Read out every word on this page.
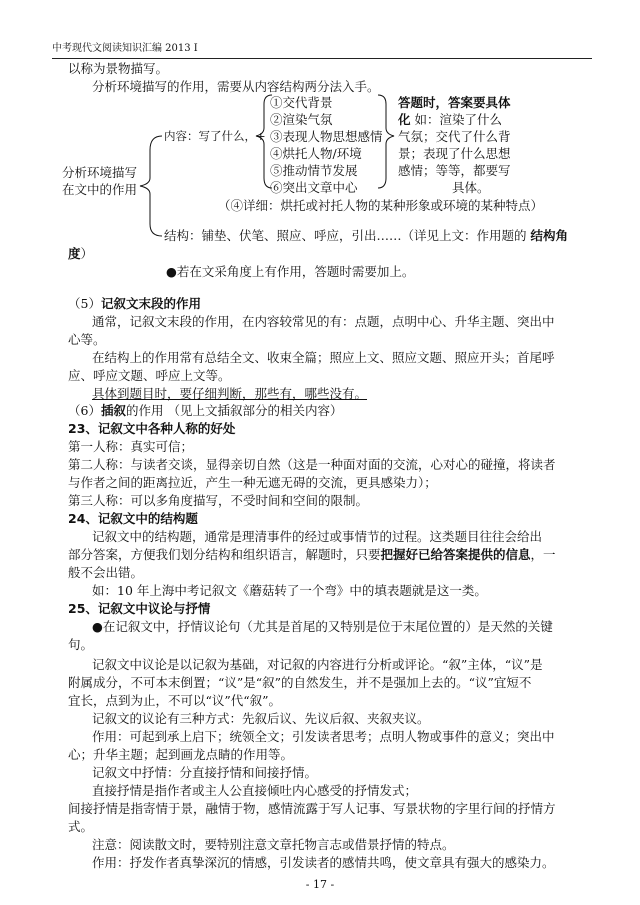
中考现代文阅读知识汇编 2013 Ⅰ
以称为景物描写。
分析环境描写的作用，需要从内容结构两分法入手。
分析环境描写
在文中的作用
内容：写了什么，+
①交代背景
②渲染气氛
③表现人物思想感情
④烘托人物/环境
⑤推动情节发展
⑥突出文章中心
答题时，答案要具体
化 如：渲染了什么
气氛；交代了什么背
景；表现了什么思想
感情；等等，都要写
具体。
（④详细：烘托或衬托人物的某种形象或环境的某种特点）
结构：铺垫、伏笔、照应、呼应，引出……（详见上文：作用题的 结构角
度）
●若在文采角度上有作用，答题时需要加上。
（5）记叙文末段的作用
通常，记叙文末段的作用，在内容较常见的有：点题，点明中心、升华主题、突出中
心等。
在结构上的作用常有总结全文、收束全篇；照应上文、照应文题、照应开头；首尾呼
应、呼应文题、呼应上文等。
具体到题目时，要仔细判断，那些有，哪些没有。
（6）插叙的作用 （见上文插叙部分的相关内容）
23、记叙文中各种人称的好处
第一人称：真实可信；
第二人称：与读者交谈，显得亲切自然（这是一种面对面的交流，心对心的碰撞，将读者
与作者之间的距离拉近，产生一种无遮无碍的交流，更具感染力）；
第三人称：可以多角度描写，不受时间和空间的限制。
24、记叙文中的结构题
记叙文中的结构题，通常是理清事件的经过或事情节的过程。这类题目往往会给出
部分答案，方便我们划分结构和组织语言，解题时，只要把握好已给答案提供的信息，一
般不会出错。
如：10 年上海中考记叙文《蘑菇转了一个弯》中的填表题就是这一类。
25、记叙文中议论与抒情
●在记叙文中，抒情议论句（尤其是首尾的又特别是位于末尾位置的）是天然的关键
句。
记叙文中议论是以记叙为基础，对记叙的内容进行分析或评论。“叙”主体，“议”是
附属成分，不可本末倒置；“议”是“叙”的自然发生，并不是强加上去的。“议”宜短不
宜长，点到为止，不可以“议”代“叙”。
记叙文的议论有三种方式：先叙后议、先议后叙、夹叙夹议。
作用：可起到承上启下；统领全文；引发读者思考；点明人物或事件的意义；突出中
心；升华主题；起到画龙点睛的作用等。
记叙文中抒情：分直接抒情和间接抒情。
直接抒情是指作者或主人公直接倾吐内心感受的抒情发式；
间接抒情是指寄情于景，融情于物，感情流露于写人记事、写景状物的字里行间的抒情方
式。
注意：阅读散文时，要特别注意文章托物言志或借景抒情的特点。
作用：抒发作者真挚深沉的情感，引发读者的感情共鸣，使文章具有强大的感染力。
- 17 -
